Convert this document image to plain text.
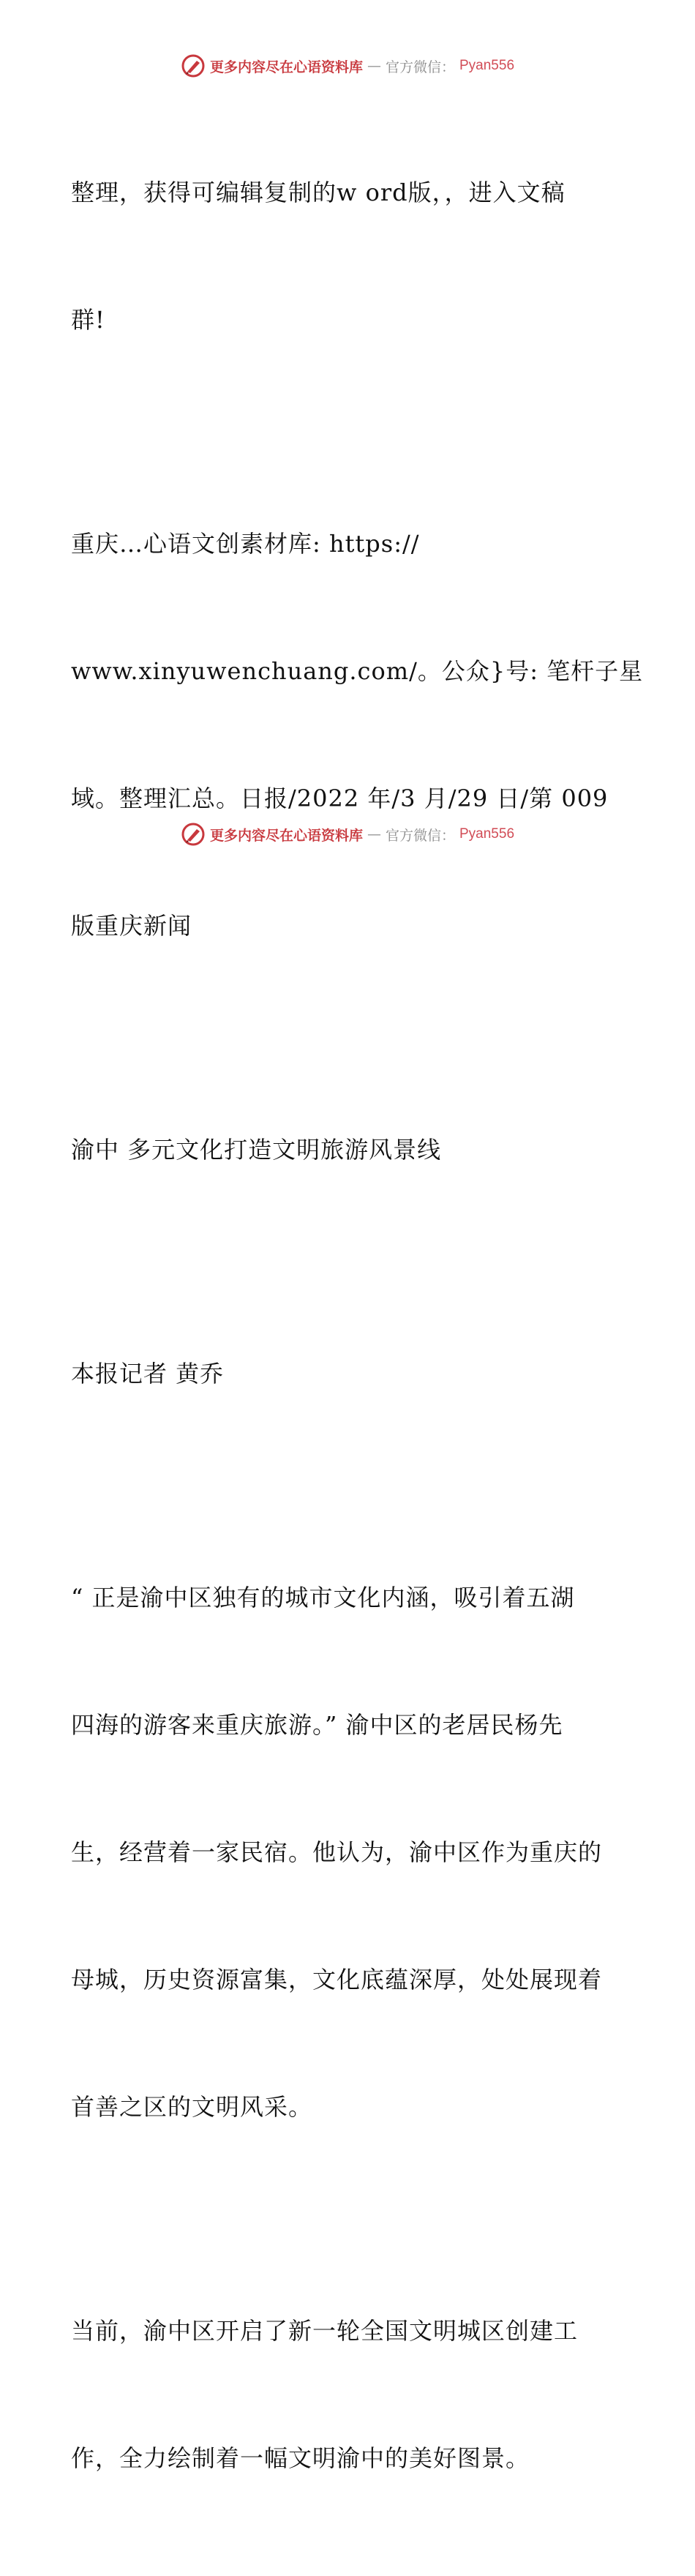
更多内容尽在心语资料库 — 官方微信： Pyan556

整理，获得可编辑复制的w ord版，，进入文稿

群!

重庆…心语文创素材库: https://

www.xinyuwenchuang.com/。公众}号: 笔杆子星

域。整理汇总。日报/2022 年/3 月/29 日/第 009

版重庆新闻

渝中 多元文化打造文明旅游风景线

本报记者 黄乔

“ 正是渝中区独有的城市文化内涵，吸引着五湖

四海的游客来重庆旅游。” 渝中区的老居民杨先

生，经营着一家民宿。他认为，渝中区作为重庆的

母城，历史资源富集，文化底蕴深厚，处处展现着

首善之区的文明风采。

当前，渝中区开启了新一轮全国文明城区创建工

作，全力绘制着一幅文明渝中的美好图景。

更多内容尽在心语资料库 — 官方微信： Pyan556
